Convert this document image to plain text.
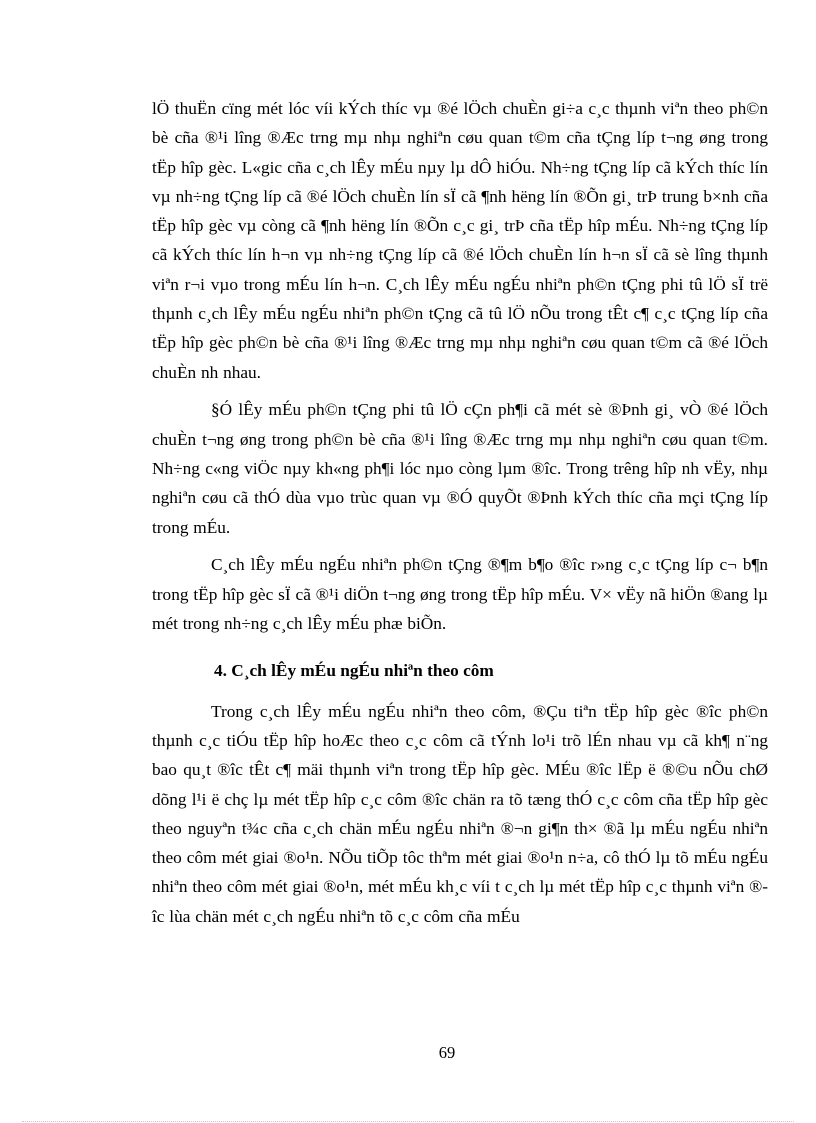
lÖ thuËn cïng mét lóc víi kÝch thíc vµ ®é lÖch chuÈn gi÷a c¸c thµnh viªn theo ph©n bè cña ®¹i lîng ®Æc trng mµ nhµ nghiªn cøu quan t©m cña tÇng líp t¬ng øng trong tËp hîp gèc. L«gic cña c¸ch lÊy mÉu nµy lµ dÔ hiÓu. Nh÷ng tÇng líp cã kÝch thíc lín vµ nh÷ng tÇng líp cã ®é lÖch chuÈn lín sÏ cã ¶nh hëng lín ®Õn gi¸ trÞ trung b×nh cña tËp hîp gèc vµ còng cã ¶nh hëng lín ®Õn c¸c gi¸ trÞ cña tËp hîp mÉu. Nh÷ng tÇng líp cã kÝch thíc lín h¬n vµ nh÷ng tÇng líp cã ®é lÖch chuÈn lín h¬n sÏ cã sè lîng thµnh viªn r¬i vµo trong mÉu lín h¬n. C¸ch lÊy mÉu ngÉu nhiªn ph©n tÇng phi tû lÖ sÏ trë thµnh c¸ch lÊy mÉu ngÉu nhiªn ph©n tÇng cã tû lÖ nÕu trong tÊt c¶ c¸c tÇng líp cña tËp hîp gèc ph©n bè cña ®¹i lîng ®Æc trng mµ nhµ nghiªn cøu quan t©m cã ®é lÖch chuÈn nh nhau.

§Ó lÊy mÉu ph©n tÇng phi tû lÖ cÇn ph¶i cã mét sè ®Þnh gi¸ vÒ ®é lÖch chuÈn t¬ng øng trong ph©n bè cña ®¹i lîng ®Æc trng mµ nhµ nghiªn cøu quan t©m. Nh÷ng c«ng viÖc nµy kh«ng ph¶i lóc nµo còng lµm ®îc. Trong trêng hîp nh vËy, nhµ nghiªn cøu cã thÓ dùa vµo trùc quan vµ ®Ó quyÕt ®Þnh kÝch thíc cña mçi tÇng líp trong mÉu.

C¸ch lÊy mÉu ngÉu nhiªn ph©n tÇng ®¶m b¶o ®îc r»ng c¸c tÇng líp c¬ b¶n trong tËp hîp gèc sÏ cã ®¹i diÖn t¬ng øng trong tËp hîp mÉu. V× vËy nã hiÖn ®ang lµ mét trong nh÷ng c¸ch lÊy mÉu phæ biÕn.

4. C¸ch lÊy mÉu ngÉu nhiªn theo côm

Trong c¸ch lÊy mÉu ngÉu nhiªn theo côm, ®Çu tiªn tËp hîp gèc ®îc ph©n thµnh c¸c tiÓu tËp hîp hoÆc theo c¸c côm cã tÝnh lo¹i trõ lÉn nhau vµ cã kh¶ n¨ng bao qu¸t ®îc tÊt c¶ mäi thµnh viªn trong tËp hîp gèc. MÉu ®îc lËp ë ®©u nÕu chØ dõng l¹i ë chç lµ mét tËp hîp c¸c côm ®îc chän ra tõ tæng thÓ c¸c côm cña tËp hîp gèc theo nguyªn t¾c cña c¸ch chän mÉu ngÉu nhiªn ®¬n gi¶n th× ®ã lµ mÉu ngÉu nhiªn theo côm mét giai ®o¹n. NÕu tiÕp tôc thªm mét giai ®o¹n n÷a, cô thÓ lµ tõ mÉu ngÉu nhiªn theo côm mét giai ®o¹n, mét mÉu kh¸c víi t c¸ch lµ mét tËp hîp c¸c thµnh viªn ®îc lùa chän mét c¸ch ngÉu nhiªn tõ c¸c côm cña mÉu

69
